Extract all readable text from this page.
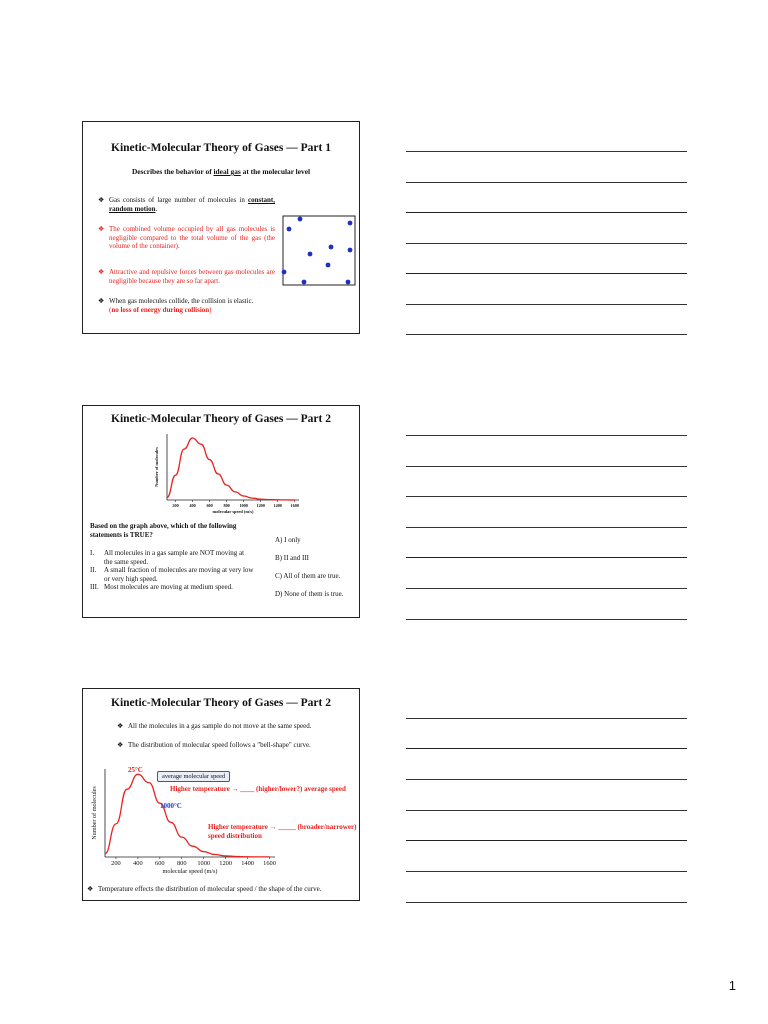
Kinetic-Molecular Theory of Gases — Part 1
Describes the behavior of ideal gas at the molecular level
❖ Gas consists of large number of molecules in constant, random motion.
❖ The combined volume occupied by all gas molecules is negligible compared to the total volume of the gas (the volume of the container).
❖ Attractive and repulsive forces between gas molecules are negligible because they are so far apart.
❖ When gas molecules collide, the collision is elastic.
(no loss of energy during collision)
Kinetic-Molecular Theory of Gases — Part 2
200	400	600	800 1000 1200 1400 1600
molecular speed (m/s)
Number of molecules
Based on the graph above, which of the following statements is TRUE?
I. All molecules in a gas sample are NOT moving at the same speed.
II. A small fraction of molecules are moving at very low or very high speed.
III. Most molecules are moving at medium speed.
A) I only
B) II and III
C) All of them are true.
D) None of them is true.
Kinetic-Molecular Theory of Gases — Part 2
❖ All the molecules in a gas sample do not move at the same speed.
❖ The distribution of molecular speed follows a "bell-shape" curve.
200 400 600 800 1000 1200 1400 1600
molecular speed (m/s)
Number of molecules
25°C
1000°C
average molecular speed
Higher temperature → ____ (higher/lower?) average speed
Higher temperature → _____ (broader/narrower)
speed distribution
❖ Temperature effects the distribution of molecular speed / the shape of the curve.
1
